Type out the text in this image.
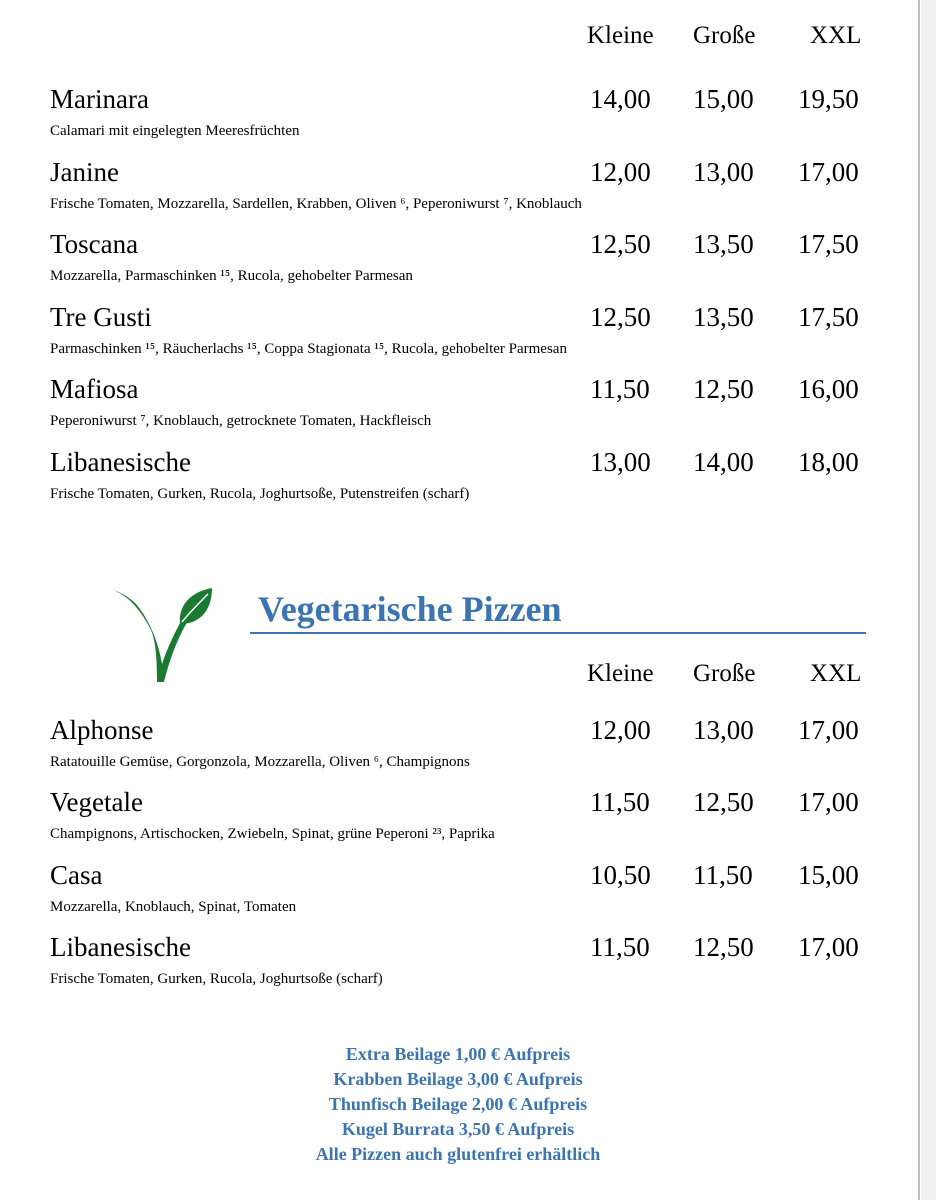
Kleine Große XXL
Marinara	14,00 15,00 19,50
Calamari mit eingelegten Meeresfrüchten
Janine	12,00 13,00 17,00
Frische Tomaten, Mozzarella, Sardellen, Krabben, Oliven ⁶, Peperoniwurst ⁷, Knoblauch
Toscana	12,50 13,50 17,50
Mozzarella, Parmaschinken ¹⁵, Rucola, gehobelter Parmesan
Tre Gusti	12,50 13,50 17,50
Parmaschinken ¹⁵, Räucherlachs ¹⁵, Coppa Stagionata ¹⁵, Rucola, gehobelter Parmesan
Mafiosa	11,50 12,50 16,00
Peperoniwurst ⁷, Knoblauch, getrocknete Tomaten, Hackfleisch
Libanesische	13,00 14,00 18,00
Frische Tomaten, Gurken, Rucola, Joghurtsoße, Putenstreifen (scharf)
Vegetarische Pizzen
Kleine Große XXL
Alphonse	12,00 13,00 17,00
Ratatouille Gemüse, Gorgonzola, Mozzarella, Oliven ⁶, Champignons
Vegetale	11,50 12,50 17,00
Champignons, Artischocken, Zwiebeln, Spinat, grüne Peperoni ²³, Paprika
Casa	10,50 11,50 15,00
Mozzarella, Knoblauch, Spinat, Tomaten
Libanesische	11,50 12,50 17,00
Frische Tomaten, Gurken, Rucola, Joghurtsoße (scharf)
Extra Beilage 1,00 € Aufpreis
Krabben Beilage 3,00 € Aufpreis
Thunfisch Beilage 2,00 € Aufpreis
Kugel Burrata 3,50 € Aufpreis
Alle Pizzen auch glutenfrei erhältlich
